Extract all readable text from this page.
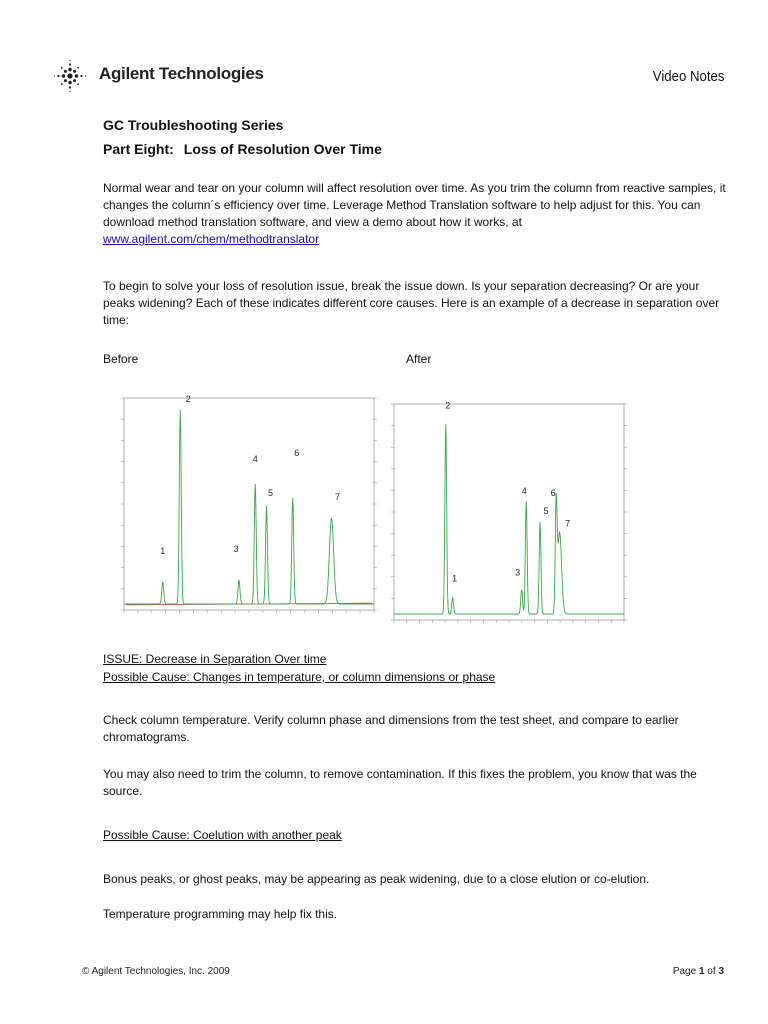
Agilent Technologies	Video Notes
GC Troubleshooting Series
Part Eight: Loss of Resolution Over Time

Normal wear and tear on your column will affect resolution over time. As you trim the column from reactive samples, it changes the column´s efficiency over time. Leverage Method Translation software to help adjust for this. You can download method translation software, and view a demo about how it works, at
www.agilent.com/chem/methodtranslator

To begin to solve your loss of resolution issue, break the issue down. Is your separation decreasing? Or are your peaks widening? Each of these indicates different core causes. Here is an example of a decrease in separation over time:

Before	After
1
2
3
4
5
6
7
1
2
3
4
5
6
7
ISSUE: Decrease in Separation Over time
Possible Cause: Changes in temperature, or column dimensions or phase

Check column temperature. Verify column phase and dimensions from the test sheet, and compare to earlier chromatograms.

You may also need to trim the column, to remove contamination. If this fixes the problem, you know that was the source.

Possible Cause: Coelution with another peak

Bonus peaks, or ghost peaks, may be appearing as peak widening, due to a close elution or co-elution.

Temperature programming may help fix this.

© Agilent Technologies, Inc. 2009	Page 1 of 3
